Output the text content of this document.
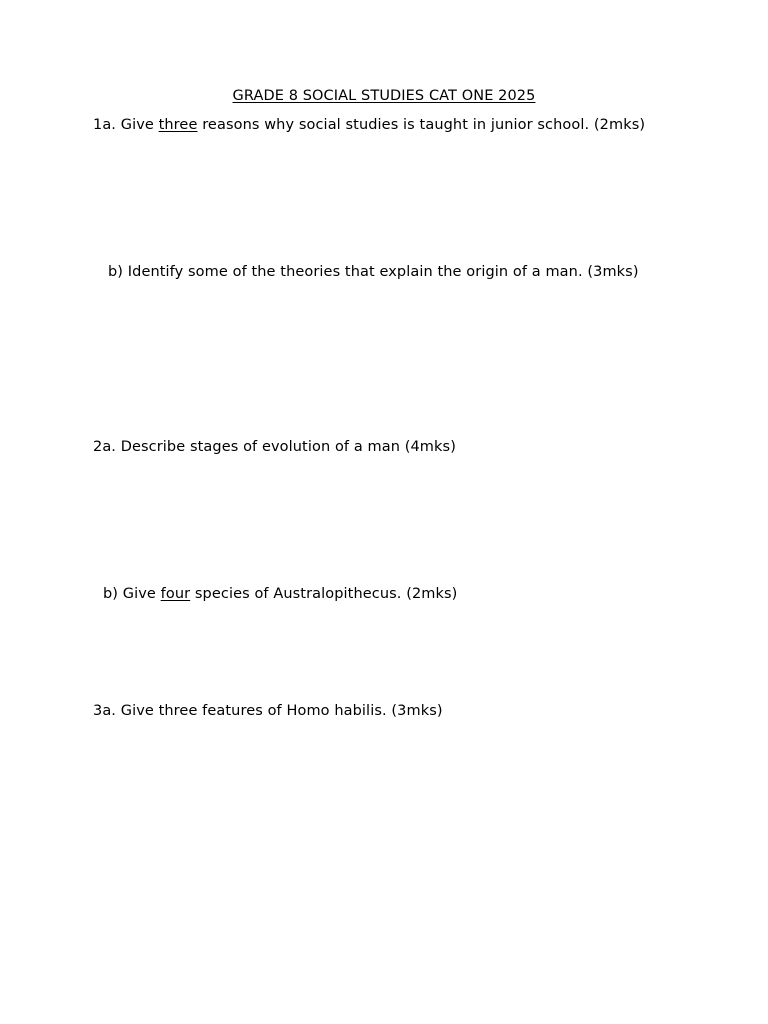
GRADE 8 SOCIAL STUDIES CAT ONE 2025
1a. Give three reasons why social studies is taught in junior school. (2mks)
b) Identify some of the theories that explain the origin of a man. (3mks)
2a. Describe stages of evolution of a man (4mks)
b) Give four species of Australopithecus. (2mks)
3a. Give three features of Homo habilis. (3mks)
